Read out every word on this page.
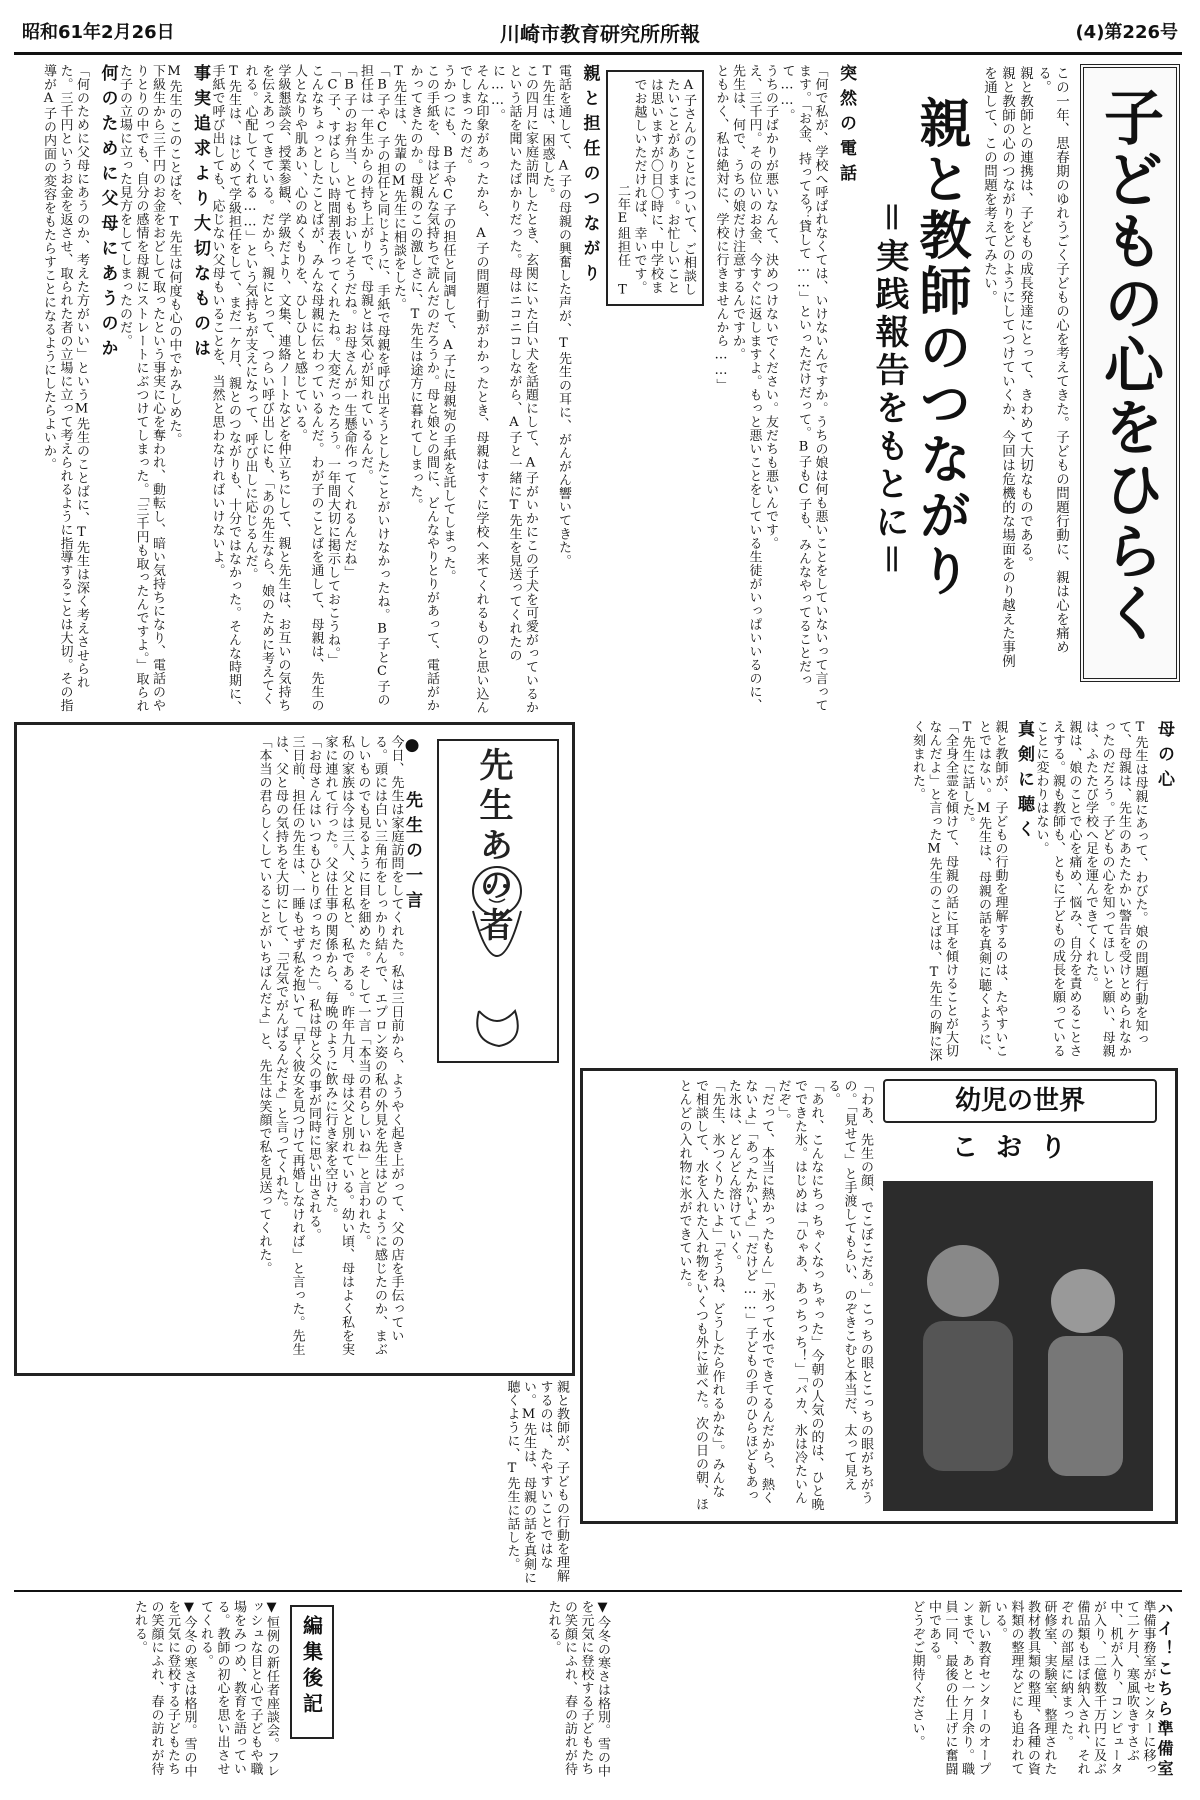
昭和61年2月26日	川崎市教育研究所所報	(4)第226号
子どもの心をひらく

この一年、思春期のゆれうごく子どもの心を考えてきた。子どもの問題行動に、親は心を痛める。

親と教師との連携は、子どもの成長発達にとって、きわめて大切なものである。

親と教師の心のつながりをどのようにしてつけていくか、今回は危機的な場面をのり越えた事例を通して、この問題を考えてみたい。

親と教師のつながり
＝実践報告をもとに＝
突然の電話

「何で私が、学校へ呼ばれなくては、いけないんですか。うちの娘は何も悪いことをしていないって言ってます。「お金、持ってる？貸して……」といっただけだって。B子もC子も、みんなやってることだって……。

うちの子ばかりが悪いなんて、決めつけないでください。友だちも悪いんです。

え、三千円。その位いのお金、今すぐに返しますよ。もっと悪いことをしている生徒がいっぱいいるのに、先生は、何で、うちの娘だけ注意するんですか。

ともかく、私は絶対に、学校に行きませんから……」

A子さんのことについて、ご相談したいことがあります。お忙しいことは思いますが〇日〇時に、中学校までお越しいただければ、幸いです。

二年E組担任 T

親と担任のつながり

電話を通して、A子の母親の興奮した声が、T先生の耳に、がんがん響いてきた。

T先生は、困惑した。

この四月に家庭訪問したとき、玄関にいた白い犬を話題にして、A子がいかにこの子犬を可愛がっているかという話を聞いたばかりだった。母はニコニコしながら、A子と一緒にT先生を見送ってくれたのに……。

そんな印象があったから、A子の問題行動がわかったとき、母親はすぐに学校へ来てくれるものと思い込んでしまったのだ。

うかつにも、B子やC子の担任と同調して、A子に母親宛の手紙を託してしまった。

この手紙を、母はどんな気持ちで読んだのだろうか。母と娘との間に、どんなやりとりがあって、電話がかかってきたのか。母親のこの激しさに、T先生は途方に暮れてしまった。

T先生は、先輩のM先生に相談をした。

「B子やC子の担任と同じように、手紙で母親を呼び出そうとしたことがいけなかったね。B子とC子の担任は一年生からの持ち上がりで、母親とは気心が知れているんだ。

「B子のお弁当、とてもおいしそうだね。お母さんが一生懸命作ってくれるんだね」

「C子、すばらしい時間割表作ってくれたね。大変だったろう。一年間大切に掲示しておこうね。」

こんなちょっとしたことばが、みんな母親に伝わっているんだ。わが子のことばを通して、母親は、先生の人となりや肌あい、心のぬくもりを、ひしひしと感じている。

学級懇談会、授業参観、学級だより、文集、連絡ノートなどを仲立ちにして、親と先生は、お互いの気持ちを伝えあってきている。だから、親にとって、つらい呼び出しにも、「あの先生なら、娘のために考えてくれる。心配してくれる……」という気持ちが支えになって、呼び出しに応じるんだ。

T先生は、はじめて学級担任をして、まだ一ケ月、親とのつながりも、十分ではなかった。そんな時期に、手紙で呼び出しても、応じない父母もいることを、当然と思わなければいけないよ。

事実追求より大切なものは

M先生のこのことばを、T先生は何度も心の中でかみしめた。

下級生から三千円のお金をおどして取ったという事実に心を奪われ、動転し、暗い気持ちになり、電話のやりとりの中でも、自分の感情を母親にストレートにぶつけてしまった。「三千円も取ったんですよ。」取られた子の立場に立った見方をしてしまったのだ。

何のために父母にあうのか

「何のために父母にあうのか、考えた方がいい」というM先生のことばに、T先生は深く考えさせられた。三千円というお金を返させ、取られた者の立場に立って考えられるように指導することは大切。その指導がA子の内面の変容をもたらすことになるようにしたらよいか。

母の心

T先生は母親にあって、わびた。娘の問題行動を知って、母親は、先生のあたたかい警告を受けとめられなかったのだろう。子どもの心を知ってほしいと願い、母親は、ふたたび学校へ足を運んできてくれた。

親は、娘のことで心を痛め、悩み、自分を責めることさえする。親も教師も、ともに子どもの成長を願っていることに変わりはない。

真剣に聴く

親と教師が、子どもの行動を理解するのは、たやすいことではない。M先生は、母親の話を真剣に聴くように、T先生に話した。

「全身全霊を傾けて、母親の話に耳を傾けることが大切なんだよ」と言ったM先生のことばは、T先生の胸に深く刻まれた。

● 先生の一言

今日、先生は家庭訪問をしてくれた。私は三日前から、ようやく起き上がって、父の店を手伝っている。頭には白い三角布をしっかり結んで、エプロン姿の私の外見を先生はどのように感じたのか、まぶしいものでも見るように目を細めた。そして一言「本当の君らしいね」と言われた。

私の家族は今は三人、父と私と、私である。昨年九月、母は父と別れている。幼い頃、母はよく私を実家に連れて行った。父は仕事の関係から、毎晩のように飲みに行き家を空けた。

「お母さんはいつもひとりぼっちだった」。私は母と父の事が同時に思い出される。

三日前、担任の先生は、一睡もせず私を抱いて「早く彼女を見つけて再婚しなければ」と言った。先生は、父と母の気持ちを大切にして、「元気でがんばるんだよ」と言ってくれた。

「本当の君らしくしていることがいちばんだよ」と、先生は笑顔で私を見送ってくれた。	先生あの者
幼児の世界
こおり

「わあ、先生の顔、でこぼこだあ。」こっちの眼とこっちの眼がちがうの。「見せて」と手渡してもらい、のぞきこむと本当だ、太って見える。

「あれ、こんなにちっちゃくなっちゃった」今朝の人気の的は、ひと晩でできた氷。はじめは「ひゃあ、あっちっち！」「バカ、氷は冷たいんだぞ」。

「だって、本当に熱かったもん」「氷って水でできてるんだから、熱くないよ」「あったかいよ」「だけど……」子どもの手のひらほどもあった氷は、どんどん溶けていく。

「先生、氷つくりたいよ」「そうね、どうしたら作れるかな」。みんなで相談して、水を入れた入れ物をいくつも外に並べた。次の日の朝、ほとんどの入れ物に氷ができていた。

親と教師が、子どもの行動を理解するのは、たやすいことではない。M先生は、母親の話を真剣に聴くように、T先生に話した。

ハイ！こちら準備室

準備事務室がセンターに移って二ケ月、寒風吹きすさぶ中、机が入り、コンピュータが入り、二億数千万円に及ぶ備品類もほぼ納入され、それぞれの部屋に納まった。

研修室、実験室、整理された教材教具類の整理、各種の資料類の整理などにも追われている。

新しい教育センターのオープンまで、あと一ケ月余り。職員一同、最後の仕上げに奮闘中である。

どうぞご期待ください。

編集後記

▼恒例の新任者座談会。フレッシュな目と心で子どもや職場をみつめ、教育を語っている。教師の初心を思い出させてくれる。

▼今冬の寒さは格別。雪の中を元気に登校する子どもたちの笑顔にふれ、春の訪れが待たれる。	▼今冬の寒さは格別。雪の中を元気に登校する子どもたちの笑顔にふれ、春の訪れが待たれる。
